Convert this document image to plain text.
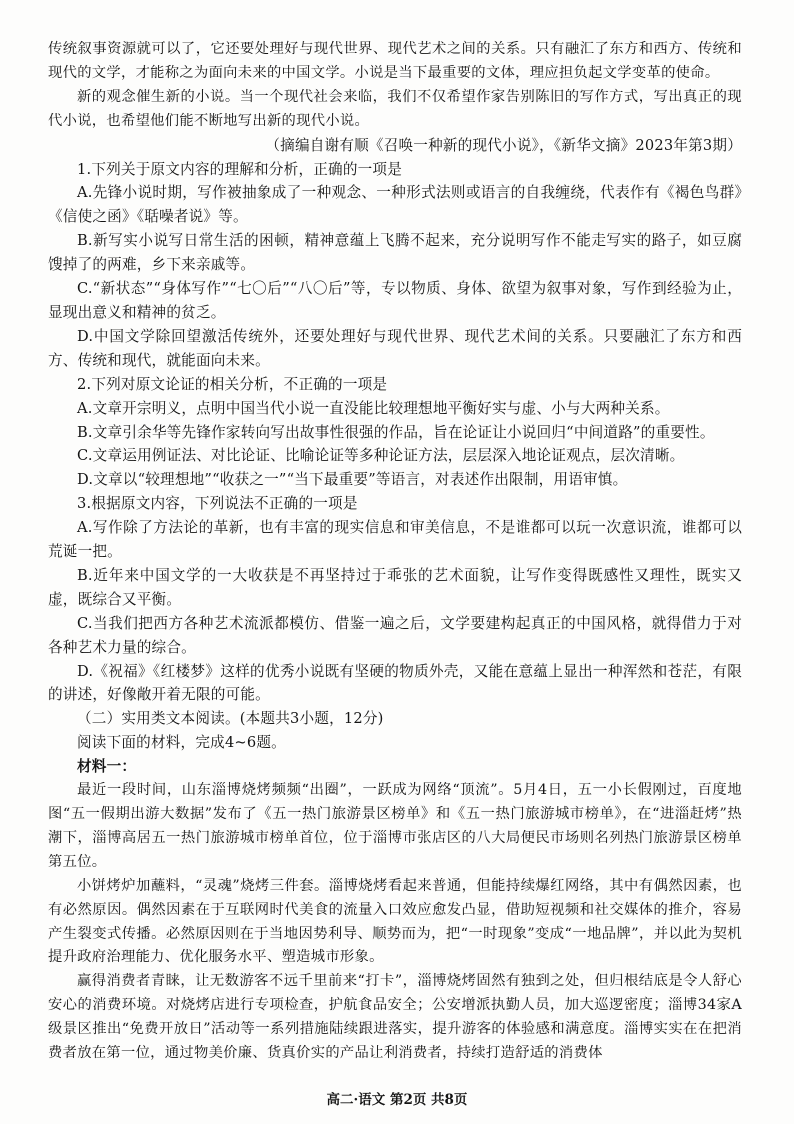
传统叙事资源就可以了，它还要处理好与现代世界、现代艺术之间的关系。只有融汇了东方和西方、传统和现代的文学，才能称之为面向未来的中国文学。小说是当下最重要的文体，理应担负起文学变革的使命。

新的观念催生新的小说。当一个现代社会来临，我们不仅希望作家告别陈旧的写作方式，写出真正的现代小说，也希望他们能不断地写出新的现代小说。

（摘编自谢有顺《召唤一种新的现代小说》，《新华文摘》2023年第3期）

1.下列关于原文内容的理解和分析，正确的一项是

A.先锋小说时期，写作被抽象成了一种观念、一种形式法则或语言的自我缠绕，代表作有《褐色鸟群》《信使之函》《聒噪者说》等。

B.新写实小说写日常生活的困顿，精神意蕴上飞腾不起来，充分说明写作不能走写实的路子，如豆腐馊掉了的两难，乡下来亲戚等。

C.“新状态”“身体写作”“七〇后”“八〇后”等，专以物质、身体、欲望为叙事对象，写作到经验为止，显现出意义和精神的贫乏。

D.中国文学除回望激活传统外，还要处理好与现代世界、现代艺术间的关系。只要融汇了东方和西方、传统和现代，就能面向未来。

2.下列对原文论证的相关分析，不正确的一项是

A.文章开宗明义，点明中国当代小说一直没能比较理想地平衡好实与虚、小与大两种关系。

B.文章引余华等先锋作家转向写出故事性很强的作品，旨在论证让小说回归“中间道路”的重要性。

C.文章运用例证法、对比论证、比喻论证等多种论证方法，层层深入地论证观点，层次清晰。

D.文章以“较理想地”“收获之一”“当下最重要”等语言，对表述作出限制，用语审慎。

3.根据原文内容，下列说法不正确的一项是

A.写作除了方法论的革新，也有丰富的现实信息和审美信息，不是谁都可以玩一次意识流，谁都可以荒诞一把。

B.近年来中国文学的一大收获是不再坚持过于乖张的艺术面貌，让写作变得既感性又理性，既实又虚，既综合又平衡。

C.当我们把西方各种艺术流派都模仿、借鉴一遍之后，文学要建构起真正的中国风格，就得借力于对各种艺术力量的综合。

D.《祝福》《红楼梦》这样的优秀小说既有坚硬的物质外壳，又能在意蕴上显出一种浑然和苍茫，有限的讲述，好像敞开着无限的可能。

（二）实用类文本阅读。(本题共3小题，12分)

阅读下面的材料，完成4~6题。

材料一：

最近一段时间，山东淄博烧烤频频“出圈”，一跃成为网络“顶流”。5月4日，五一小长假刚过，百度地图“五一假期出游大数据”发布了《五一热门旅游景区榜单》和《五一热门旅游城市榜单》，在“进淄赶烤”热潮下，淄博高居五一热门旅游城市榜单首位，位于淄博市张店区的八大局便民市场则名列热门旅游景区榜单第五位。

小饼烤炉加蘸料，“灵魂”烧烤三件套。淄博烧烤看起来普通，但能持续爆红网络，其中有偶然因素，也有必然原因。偶然因素在于互联网时代美食的流量入口效应愈发凸显，借助短视频和社交媒体的推介，容易产生裂变式传播。必然原因则在于当地因势利导、顺势而为，把“一时现象”变成“一地品牌”，并以此为契机提升政府治理能力、优化服务水平、塑造城市形象。

赢得消费者青睐，让无数游客不远千里前来“打卡”，淄博烧烤固然有独到之处，但归根结底是令人舒心安心的消费环境。对烧烤店进行专项检查，护航食品安全；公安增派执勤人员，加大巡逻密度；淄博34家A级景区推出“免费开放日”活动等一系列措施陆续跟进落实，提升游客的体验感和满意度。淄博实实在在把消费者放在第一位，通过物美价廉、货真价实的产品让利消费者，持续打造舒适的消费体

高二·语文 第2页 共8页
